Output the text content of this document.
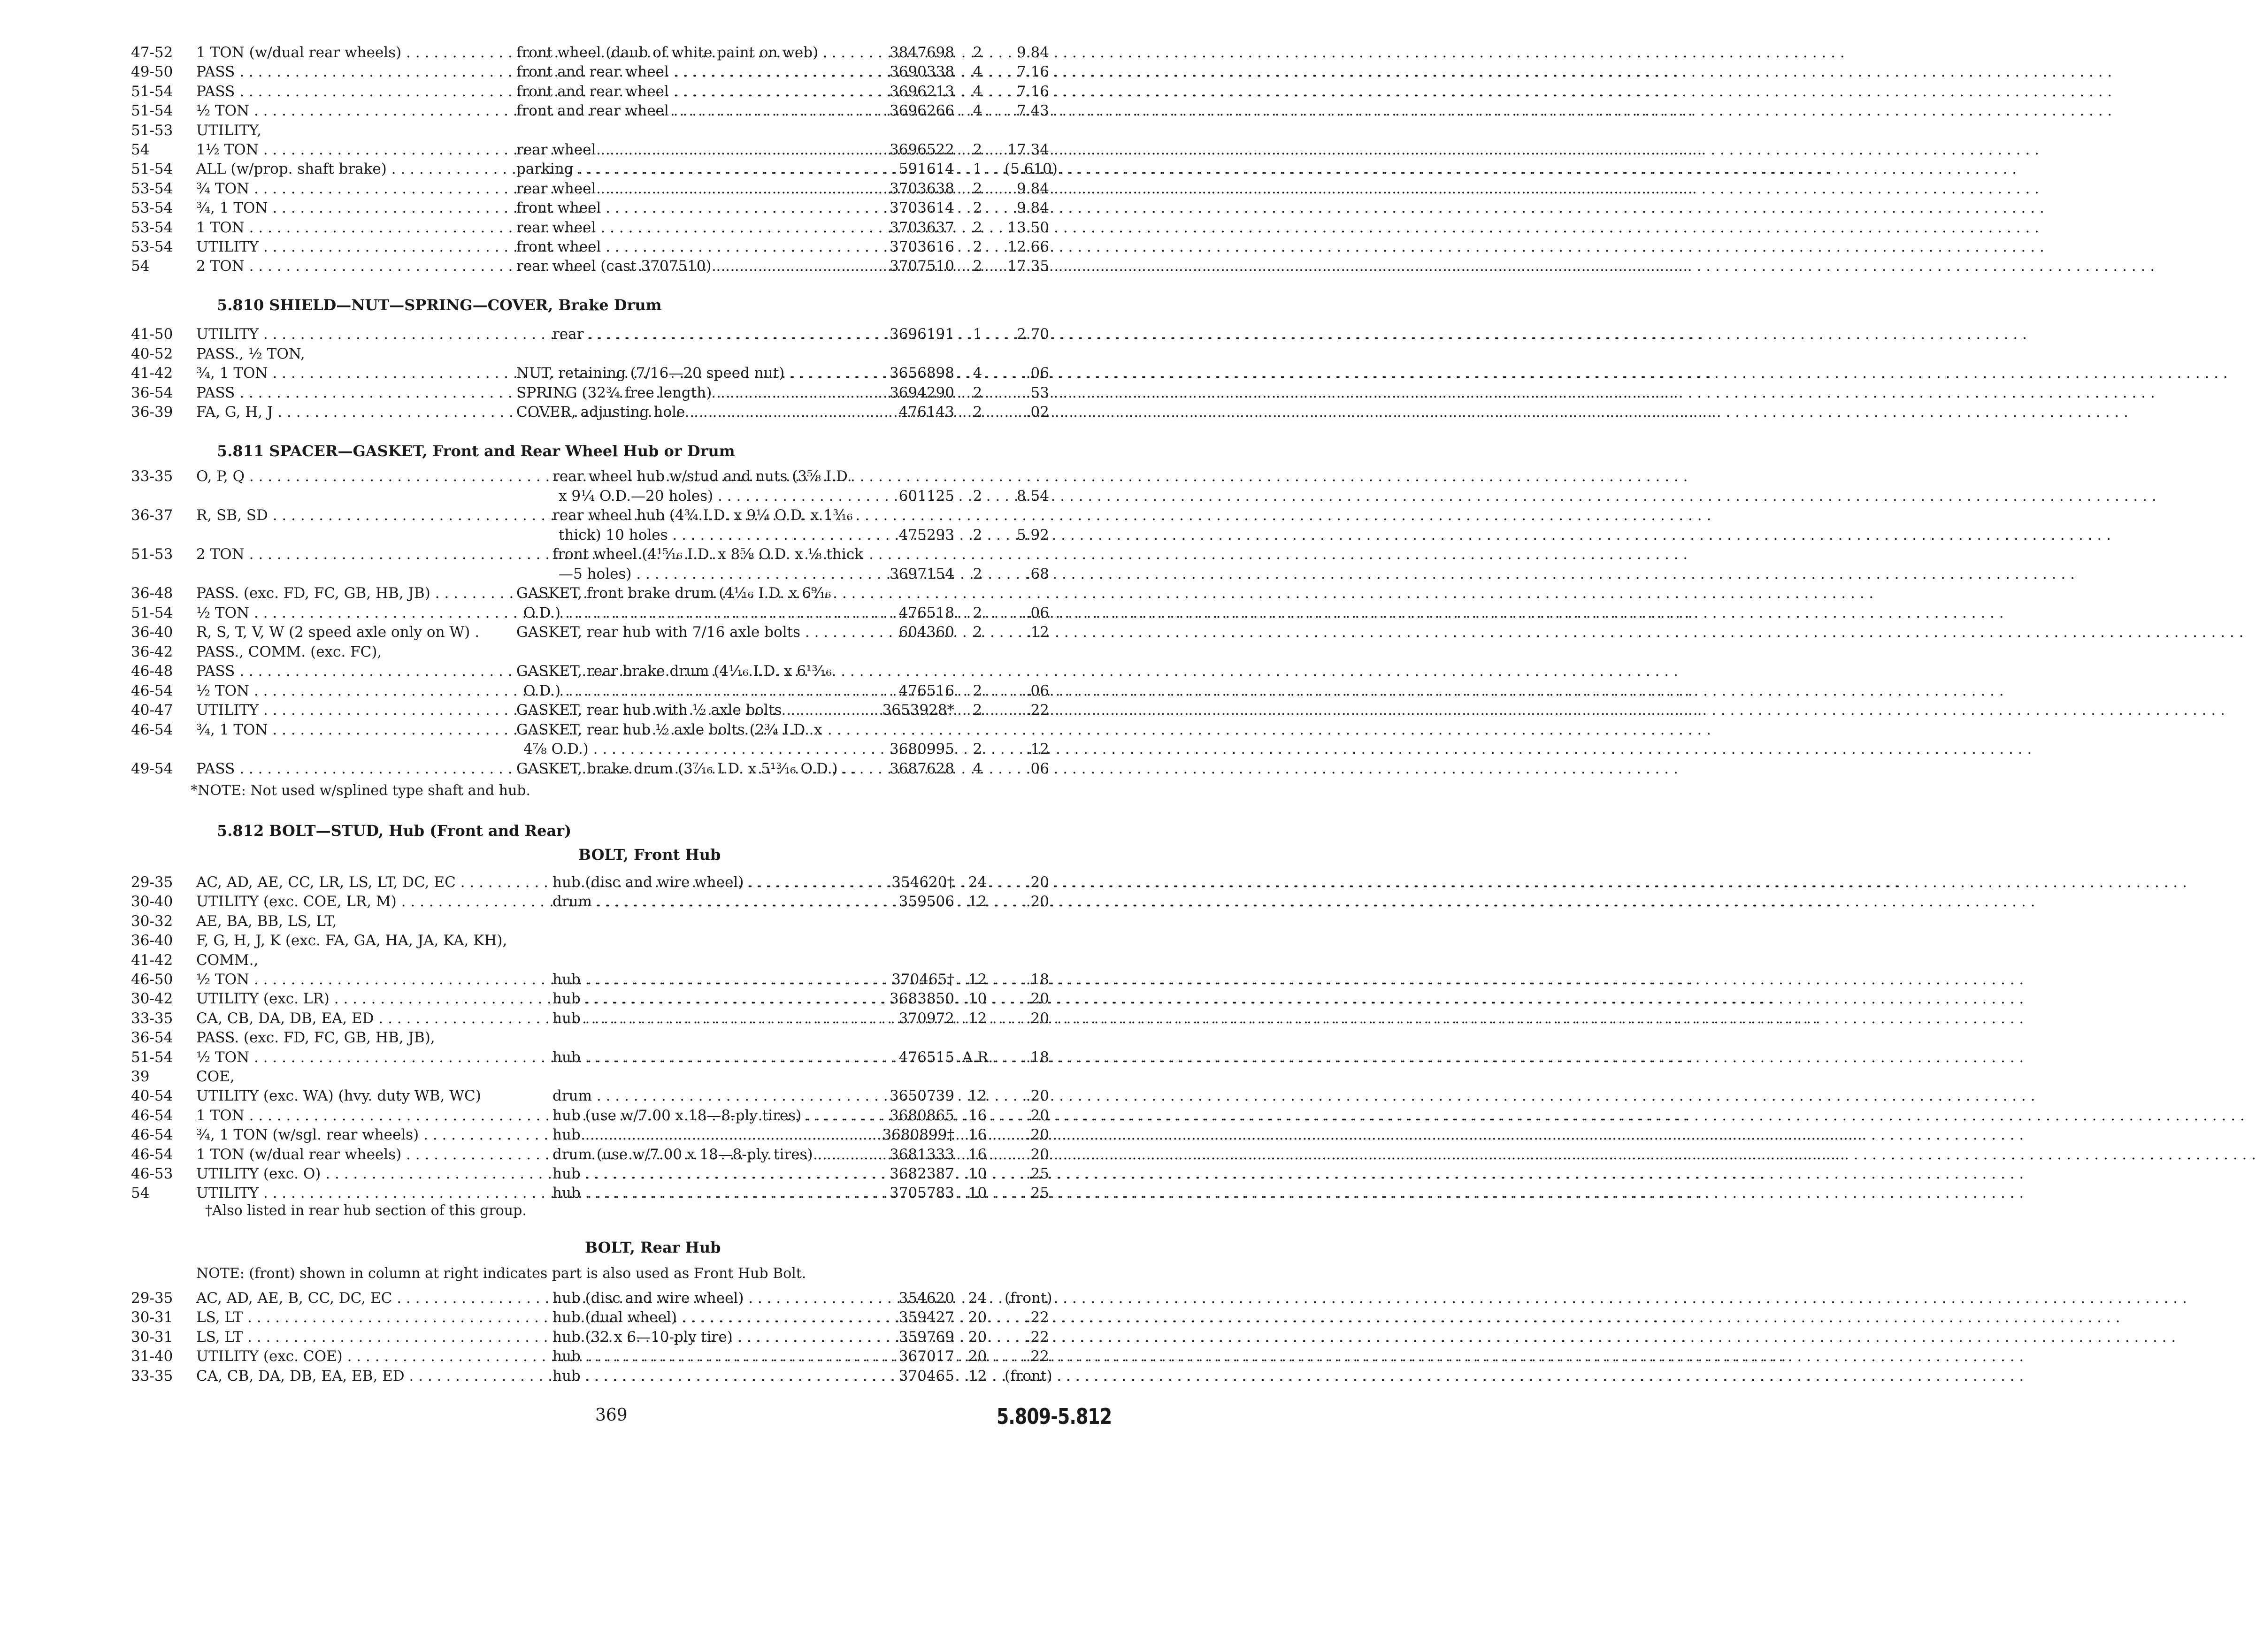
47-52	1 TON (w/dual rear wheels) . . .	front wheel (daub of white paint on web) .	3847698	2	9.84
49-50	PASS . . .	front and rear wheel . . .	3690338	4	7.16
51-54	PASS . . .	front and rear wheel . . .	3696213	4	7.16
51-54	½ TON . . .	front and rear wheel . . .	3696266	4	7.43
51-53	UTILITY,
54	1½ TON . . .	rear wheel . . .	3696522	2	17.34
51-54	ALL (w/prop. shaft brake) . . .	parking . . .	591614	1	(5.610)
53-54	¾ TON . . .	rear wheel . . .	3703638	2	9.84
53-54	¾, 1 TON . . .	front wheel . . .	3703614	2	9.84
53-54	1 TON . . .	rear wheel . . .	3703637	2	13.50
53-54	UTILITY . . .	front wheel . . .	3703616	2	12.66
54	2 TON . . .	rear wheel (cast 3707510) . . .	3707510	2	17.35
5.810 SHIELD—NUT—SPRING—COVER, Brake Drum
41-50	UTILITY . . .	rear . . .	3696191	1	2.70
40-52	PASS., ½ TON,
41-42	¾, 1 TON . . .	NUT, retaining (7/16—20 speed nut) . . .	3656898	4	.06
36-54	PASS . . .	SPRING (32¾ free length) . . .	3694290	2	.53
36-39	FA, G, H, J . . .	COVER, adjusting hole . . .	476143	2	.02
5.811 SPACER—GASKET, Front and Rear Wheel Hub or Drum
33-35	O, P, Q . . .	rear wheel hub w/stud and nuts (3⅝ I.D.
x 9¼ O.D.—20 holes) . . .	601125	2	8.54
36-37	R, SB, SD . . .	rear wheel hub (4¾ I.D. x 9¼ O.D. x 1³⁄₁₆
thick) 10 holes . . .	475293	2	5.92
51-53	2 TON . . .	front wheel (4¹⁵⁄₁₆ I.D. x 8⅝ O.D. x ⅛ thick
—5 holes) . . .	3697154	2	.68
36-48	PASS. (exc. FD, FC, GB, HB, JB) . . .	GASKET, front brake drum (4¹⁄₁₆ I.D. x 6⁹⁄₁₆
51-54	½ TON . . .	O.D.) . . .	476518	2	.06
36-40	R, S, T, V, W (2 speed axle only on W) .	GASKET, rear hub with 7/16 axle bolts . . .	604360	2	.12
36-42	PASS., COMM. (exc. FC),
46-48	PASS . . .	GASKET, rear brake drum (4¹⁄₁₆ I.D. x 6¹³⁄₁₆
46-54	½ TON . . .	O.D.) . . .	476516	2	.06
40-47	UTILITY . . .	GASKET, rear hub with ½ axle bolts . . .	3653928*	2	.22
46-54	¾, 1 TON . . .	GASKET, rear hub ½ axle bolts (2¾ I.D. x
4⅞ O.D.) . . .	3680995	2	.12
49-54	PASS . . .	GASKET, brake drum (3⁷⁄₁₆ I.D. x 5¹³⁄₁₆ O.D.) . .	3687628	4	.06
*NOTE: Not used w/splined type shaft and hub.
5.812 BOLT—STUD, Hub (Front and Rear)
BOLT, Front Hub
29-35	AC, AD, AE, CC, LR, LS, LT, DC, EC . . .	hub (disc and wire wheel) . . .	354620† 24	.20
30-40	UTILITY (exc. COE, LR, M) . . .	drum . . .	359506 12	.20
30-32	AE, BA, BB, LS, LT,
36-40	F, G, H, J, K (exc. FA, GA, HA, JA, KA, KH),
41-42	COMM.,
46-50	½ TON . . .	hub . . .	370465† 12	.18
30-42	UTILITY (exc. LR) . . .	hub . . .	3683850 10	.20
33-35	CA, CB, DA, DB, EA, ED . . .	hub . . .	370972 12	.20
36-54	PASS. (exc. FD, FC, GB, HB, JB),
51-54	½ TON . . .	hub . . .	476515 A.R.	.18
39	COE,
40-54	UTILITY (exc. WA) (hvy. duty WB, WC)	drum . . .	3650739 12	.20
46-54	1 TON . . .	hub (use w/7.00 x 18—8-ply tires) . . .	3680865 16	.20
46-54	¾, 1 TON (w/sgl. rear wheels) . . .	hub . . .	3680899† 16	.20
46-54	1 TON (w/dual rear wheels) . . .	drum (use w/7.00 x 18—8-ply tires) . . .	3681333 16	.20
46-53	UTILITY (exc. O) . . .	hub . . .	3682387 10	.25
54	UTILITY . . .	hub . . .	3705783 10	25
†Also listed in rear hub section of this group.
BOLT, Rear Hub
NOTE: (front) shown in column at right indicates part is also used as Front Hub Bolt.
29-35	AC, AD, AE, B, CC, DC, EC . . .	hub (disc and wire wheel) . . .	354620 24	(front)
30-31	LS, LT . . .	hub (dual wheel) . . .	359427 20	.22
30-31	LS, LT . . .	hub (32 x 6—10-ply tire) . . .	359769 20	.22
31-40	UTILITY (exc. COE) . . .	hub . . .	367017 20	.22
33-35	CA, CB, DA, DB, EA, EB, ED . . .	hub . . .	370465 12	(front)
369	5.809-5.812
